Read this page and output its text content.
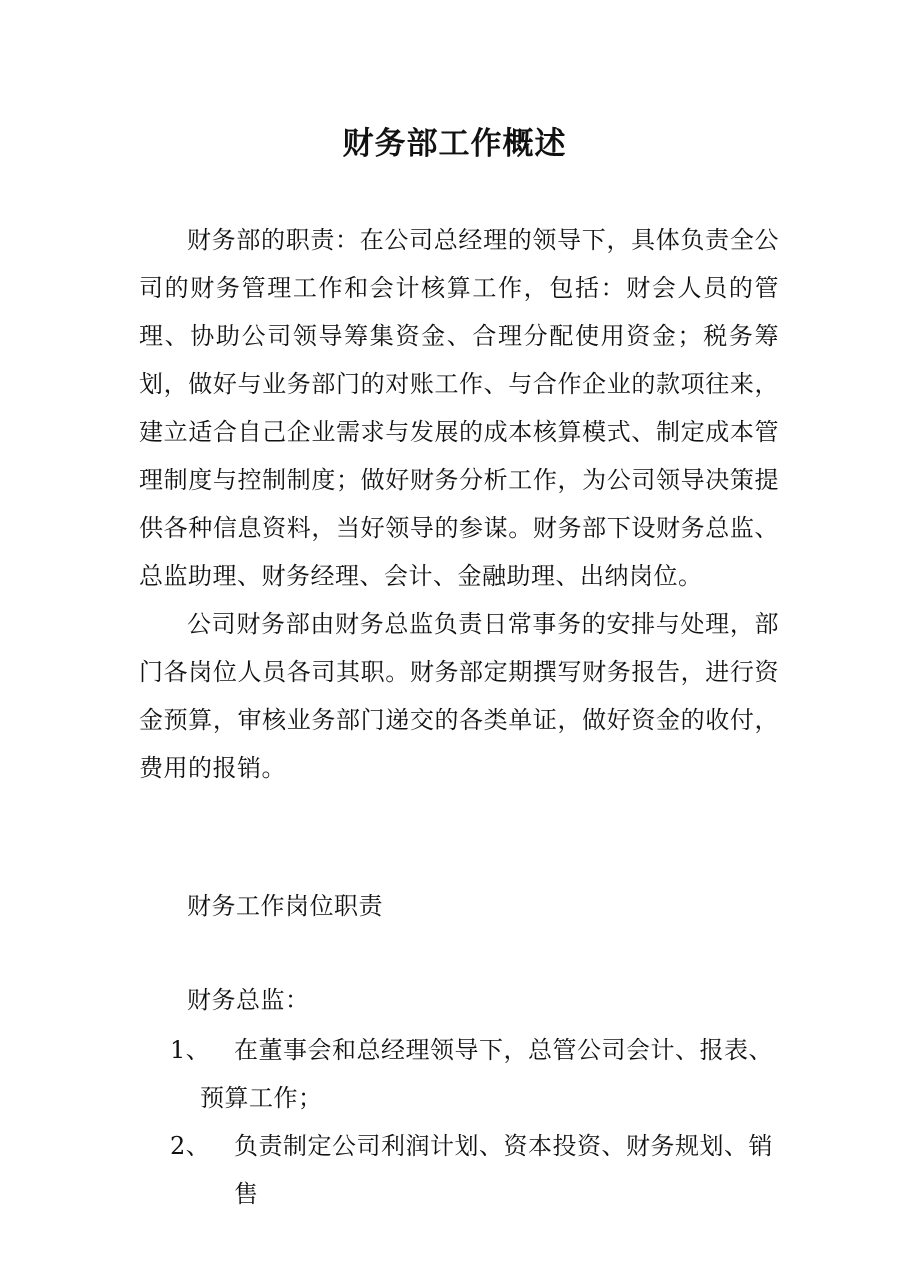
财务部工作概述

财务部的职责：在公司总经理的领导下，具体负责全公司的财务管理工作和会计核算工作，包括：财会人员的管理、协助公司领导筹集资金、合理分配使用资金；税务筹划，做好与业务部门的对账工作、与合作企业的款项往来，建立适合自己企业需求与发展的成本核算模式、制定成本管理制度与控制制度；做好财务分析工作，为公司领导决策提供各种信息资料，当好领导的参谋。财务部下设财务总监、总监助理、财务经理、会计、金融助理、出纳岗位。

公司财务部由财务总监负责日常事务的安排与处理，部门各岗位人员各司其职。财务部定期撰写财务报告，进行资金预算，审核业务部门递交的各类单证，做好资金的收付，费用的报销。

财务工作岗位职责
财务总监：
1、 在董事会和总经理领导下，总管公司会计、报表、
预算工作；
2、 负责制定公司利润计划、资本投资、财务规划、销售
